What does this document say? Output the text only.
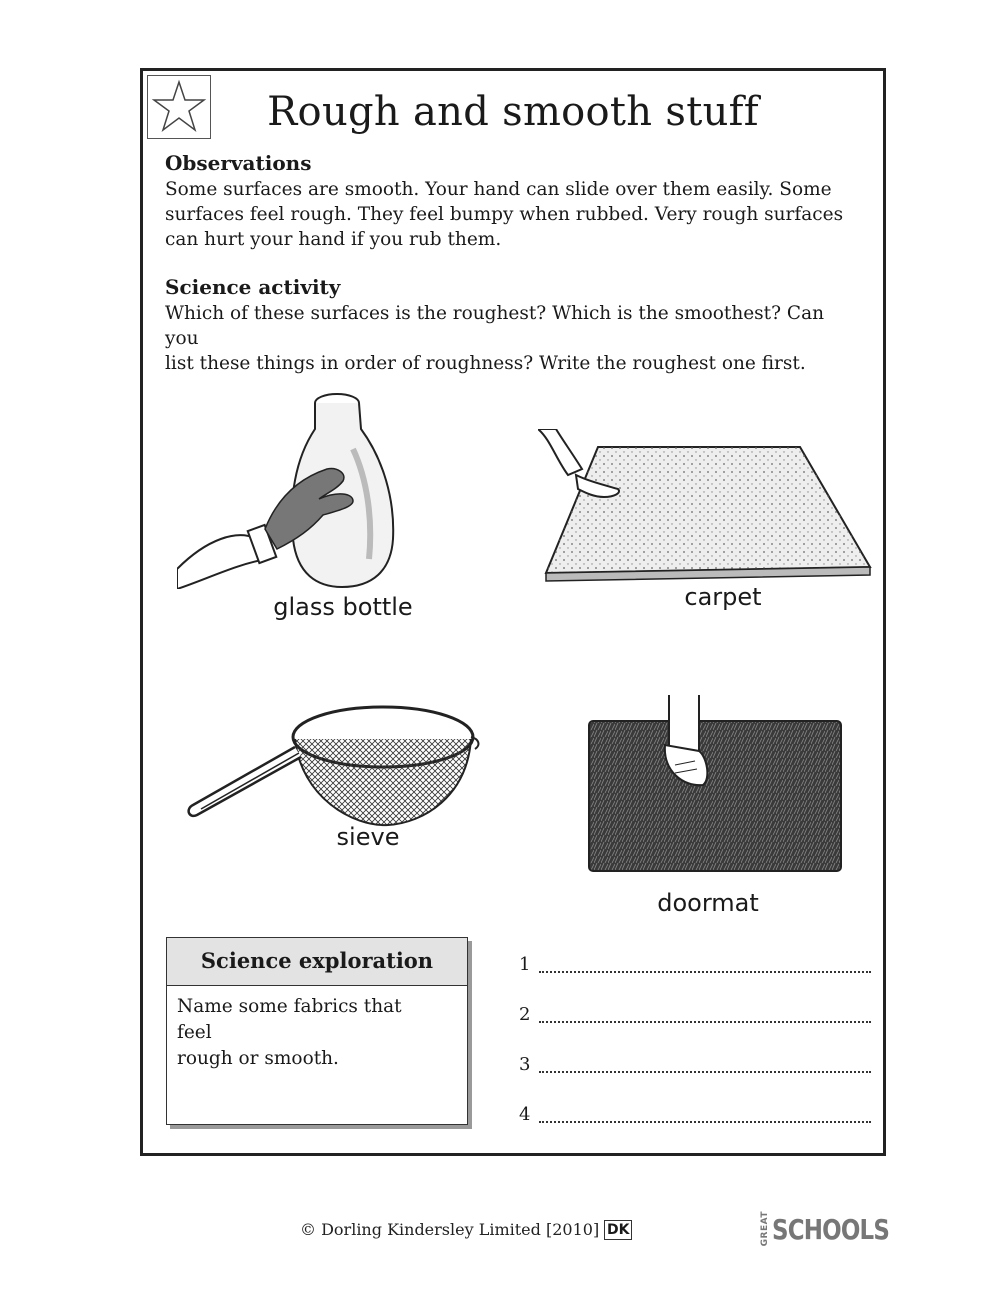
Rough and smooth stuff
Observations
Some surfaces are smooth. Your hand can slide over them easily. Some
surfaces feel rough. They feel bumpy when rubbed. Very rough surfaces
can hurt your hand if you rub them.
Science activity
Which of these surfaces is the roughest? Which is the smoothest? Can you
list these things in order of roughness? Write the roughest one first.
glass bottle	carpet
sieve
doormat
Science exploration
Name some fabrics that feel
rough or smooth.
1
2
3
4
© Dorling Kindersley Limited [2010] DK	GREAT SCHOOLS
